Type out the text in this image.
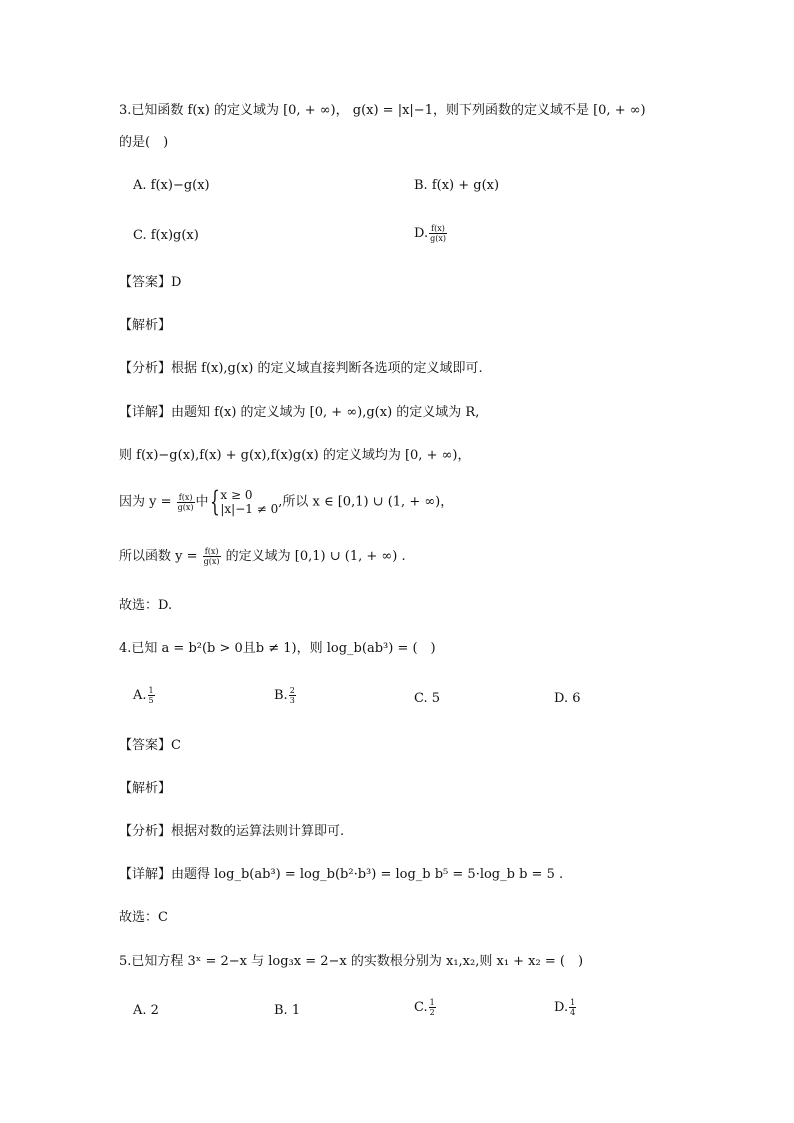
3.已知函数 f(x) 的定义域为 [0, + ∞)， g(x) = |x|−1，则下列函数的定义域不是 [0, + ∞)
的是(　)
A. f(x)−g(x)	B. f(x) + g(x)
C. f(x)g(x)	D. $\frac{f(x)}{g(x)}$
【答案】D
【解析】
【分析】根据 f(x),g(x) 的定义域直接判断各选项的定义域即可.
【详解】由题知 f(x) 的定义域为 [0, + ∞),g(x) 的定义域为 R,
则 f(x)−g(x),f(x) + g(x),f(x)g(x) 的定义域均为 [0, + ∞)，
因为 $y = \frac{f(x)}{g(x)}$ 中{ x ≥ 0
|x|−1 ≠ 0 ,所以 x ∈ [0,1) ∪ (1, + ∞)，
所以函数 $y = \frac{f(x)}{g(x)}$ 的定义域为 [0,1) ∪ (1, + ∞) .
故选：D.
4.已知 a = b²(b > 0且b ≠ 1)，则 log_b(ab³) = (　)
A. $\frac{1}{5}$	B. $\frac{2}{3}$	C. 5	D. 6
【答案】C
【解析】
【分析】根据对数的运算法则计算即可.
【详解】由题得 log_b(ab³) = log_b(b²·b³) = log_b b⁵ = 5·log_b b = 5 .
故选：C
5.已知方程 3ˣ = 2−x 与 log₃x = 2−x 的实数根分别为 x₁,x₂,则 x₁ + x₂ = (　)
A. 2	B. 1	C. $\frac{1}{2}$	D. $\frac{1}{4}$
